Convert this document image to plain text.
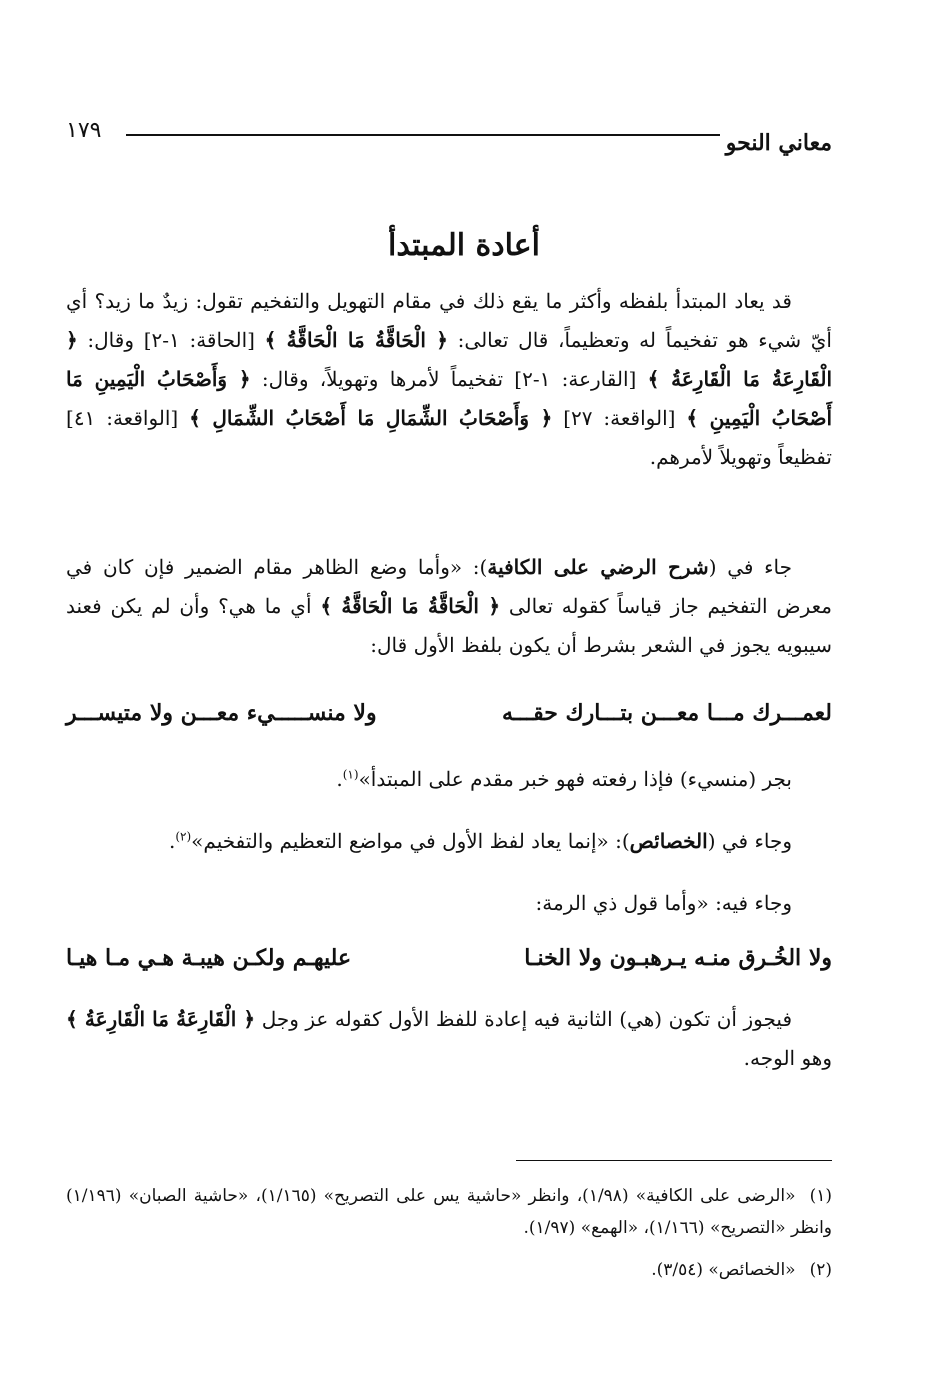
معاني النحو
١٧٩
أعادة المبتدأ

قد يعاد المبتدأ بلفظه وأكثر ما يقع ذلك في مقام التهويل والتفخيم تقول: زيدٌ ما زيد؟ أي أيّ شيء هو تفخيماً له وتعظيماً، قال تعالى: ﴿ الْحَاقَّةُ مَا الْحَاقَّةُ ﴾ [الحاقة: ١-٢] وقال: ﴿ الْقَارِعَةُ مَا الْقَارِعَةُ ﴾ [القارعة: ١-٢] تفخيماً لأمرها وتهويلاً، وقال: ﴿ وَأَصْحَابُ الْيَمِينِ مَا أَصْحَابُ الْيَمِينِ ﴾ [الواقعة: ٢٧] ﴿ وَأَصْحَابُ الشِّمَالِ مَا أَصْحَابُ الشِّمَالِ ﴾ [الواقعة: ٤١] تفظيعاً وتهويلاً لأمرهم.

جاء في (شرح الرضي على الكافية): «وأما وضع الظاهر مقام الضمير فإن كان في معرض التفخيم جاز قياساً كقوله تعالى ﴿ الْحَاقَّةُ مَا الْحَاقَّةُ ﴾ أي ما هي؟ وأن لم يكن فعند سيبويه يجوز في الشعر بشرط أن يكون بلفظ الأول قال:

لعمـــرك مـــا معـــن بتـــارك حقـــه
ولا منســـــيء معـــن ولا متيســـر

بجر (منسيء) فإذا رفعته فهو خبر مقدم على المبتدأ»$^{(١)}$.

وجاء في (الخصائص): «إنما يعاد لفظ الأول في مواضع التعظيم والتفخيم»$^{(٢)}$.

وجاء فيه: «وأما قول ذي الرمة:

ولا الخُـرق منـه يـرهبـون ولا الخنـا
عليهـم ولكـن هيبـة هـي مـا هيـا

فيجوز أن تكون (هي) الثانية فيه إعادة للفظ الأول كقوله عز وجل ﴿ الْقَارِعَةُ مَا الْقَارِعَةُ ﴾ وهو الوجه.

(١)«الرضى على الكافية» (١/٩٨)، وانظر «حاشية يس على التصريح» (١/١٦٥)، «حاشية الصبان» (١/١٩٦) وانظر «التصريح» (١/١٦٦)، «الهمع» (١/٩٧).

(٢)«الخصائص» (٣/٥٤).
